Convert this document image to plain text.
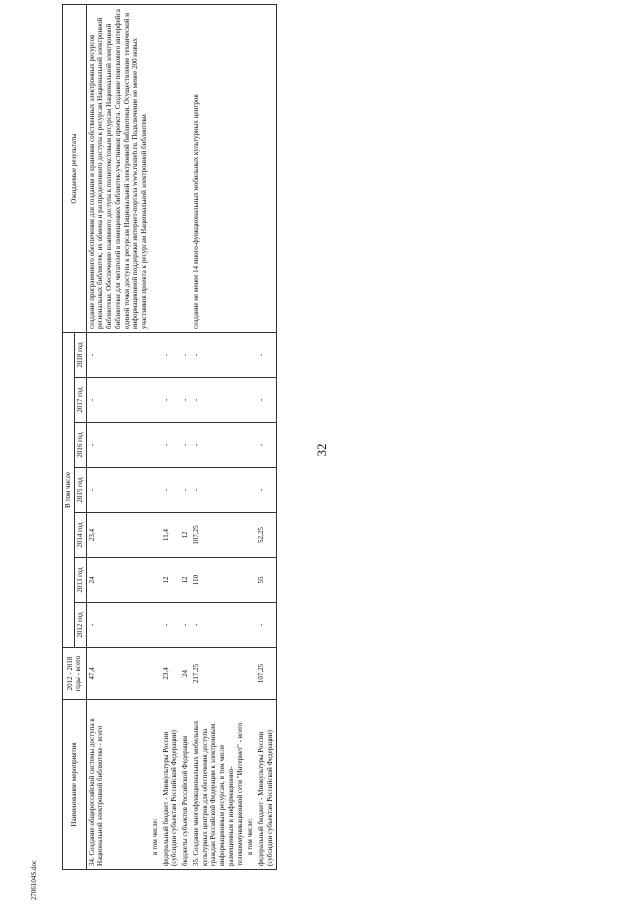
32
Наименование мероприятия	2012 - 2018 годы - всего	В том числе							Ожидаемые результаты
		2012 год	2013 год	2014 год	2015 год	2016 год	2017 год	2018 год	
34. Создание общероссийской системы доступа к Национальной электронной библиотеке - всего	47,4	-	24	23,4	-	-	-	-	создание программного обеспечения для создания и хранения собственных электронных ресурсов региональных библиотек, их обмена и распределенного доступа к ресурсам Национальной электронной библиотеки. Обеспечение взаимного доступа к полнотекстовым ресурсам Национальной электронной библиотеки для читателей в помещениях библиотек-участников проекта. Создание поискового интерфейса единой точки доступа к ресурсам Национальной электронной библиотеки. Осуществление технической и информационной поддержки интернет-портала www.rusneb.ru. Подключение не менее 200 новых участников проекта к ресурсам Национальной электронной библиотеки
в том числе:									
федеральный бюджет - Минкультуры России (субсидии субъектам Российской Федерации)	23,4	-	12	11,4	-	-	-	-	
бюджеты субъектов Российской Федерации	24	-	12	12	-	-	-	-	
35. Создание многофункциональных мобильных культурных центров для обеспечения доступа граждан Российской Федерации к электронным информационным ресурсам, в том числе размещенным в информационно-телекоммуникационной сети "Интернет" - всего	217,25	-	110	107,25	-	-	-	-	создание не менее 14 много-функциональных мобильных культурных центров
в том числе:									
федеральный бюджет - Минкультуры России (субсидии субъектам Российской Федерации)	107,25	-	55	52,25	-	-	-	-	
2706104S.doc
